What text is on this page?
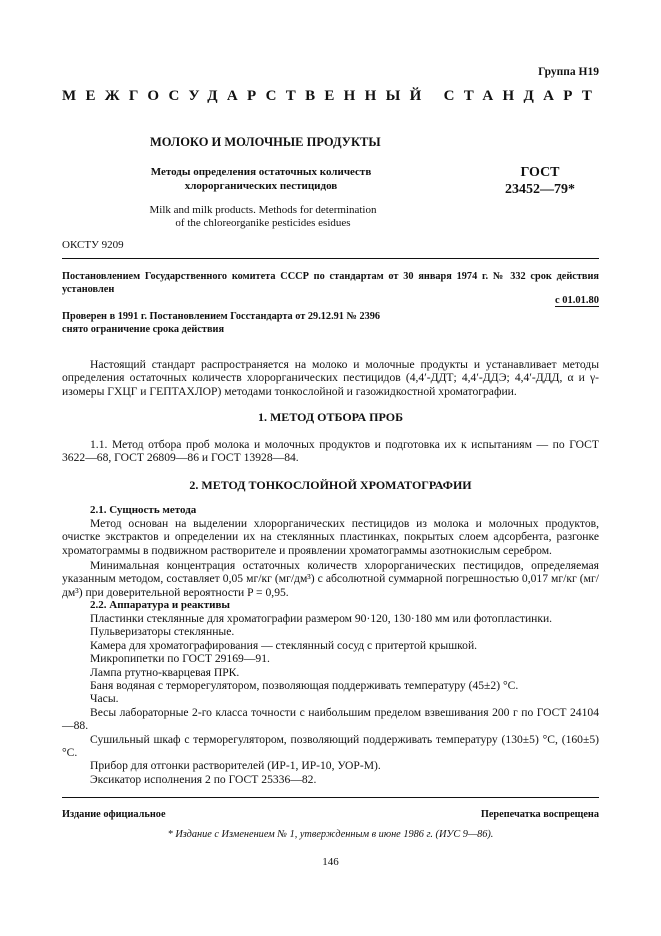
Группа Н19
МЕЖГОСУДАРСТВЕННЫЙ СТАНДАРТ
МОЛОКО И МОЛОЧНЫЕ ПРОДУКТЫ
Методы определения остаточных количеств
хлорорганических пестицидов
Milk and milk products. Methods for determination
of the chloreorganike pesticides esidues
ГОСТ
23452—79*
ОКСТУ 9209
Постановлением Государственного комитета СССР по стандартам от 30 января 1974 г. № 332 срок действия установлен
с 01.01.80
Проверен в 1991 г. Постановлением Госстандарта от 29.12.91 № 2396
снято ограничение срока действия
Настоящий стандарт распространяется на молоко и молочные продукты и устанавливает методы определения остаточных количеств хлорорганических пестицидов (4,4′-ДДТ; 4,4′-ДДЭ; 4,4′-ДДД, α и γ-изомеры ГХЦГ и ГЕПТАХЛОР) методами тонкослойной и газожидкостной хроматографии.
1. МЕТОД ОТБОРА ПРОБ
1.1. Метод отбора проб молока и молочных продуктов и подготовка их к испытаниям — по ГОСТ 3622—68, ГОСТ 26809—86 и ГОСТ 13928—84.
2. МЕТОД ТОНКОСЛОЙНОЙ ХРОМАТОГРАФИИ
2.1. Сущность метода
Метод основан на выделении хлорорганических пестицидов из молока и молочных продуктов, очистке экстрактов и определении их на стеклянных пластинках, покрытых слоем адсорбента, разгонке хроматограммы в подвижном растворителе и проявлении хроматограммы азотнокислым серебром.
Минимальная концентрация остаточных количеств хлорорганических пестицидов, определяемая указанным методом, составляет 0,05 мг/кг (мг/дм³) с абсолютной суммарной погрешностью 0,017 мг/кг (мг/дм³) при доверительной вероятности P = 0,95.
2.2. Аппаратура и реактивы
Пластинки стеклянные для хроматографии размером 90·120, 130·180 мм или фотопластинки.
Пульверизаторы стеклянные.
Камера для хроматографирования — стеклянный сосуд с притертой крышкой.
Микропипетки по ГОСТ 29169—91.
Лампа ртутно-кварцевая ПРК.
Баня водяная с терморегулятором, позволяющая поддерживать температуру (45±2) °С.
Часы.
Весы лабораторные 2-го класса точности с наибольшим пределом взвешивания 200 г по ГОСТ 24104—88.
Сушильный шкаф с терморегулятором, позволяющий поддерживать температуру (130±5) °С, (160±5) °С.
Прибор для отгонки растворителей (ИР-1, ИР-10, УОР-М).
Эксикатор исполнения 2 по ГОСТ 25336—82.
Издание официальное	Перепечатка воспрещена
* Издание с Изменением № 1, утвержденным в июне 1986 г. (ИУС 9—86).
146
